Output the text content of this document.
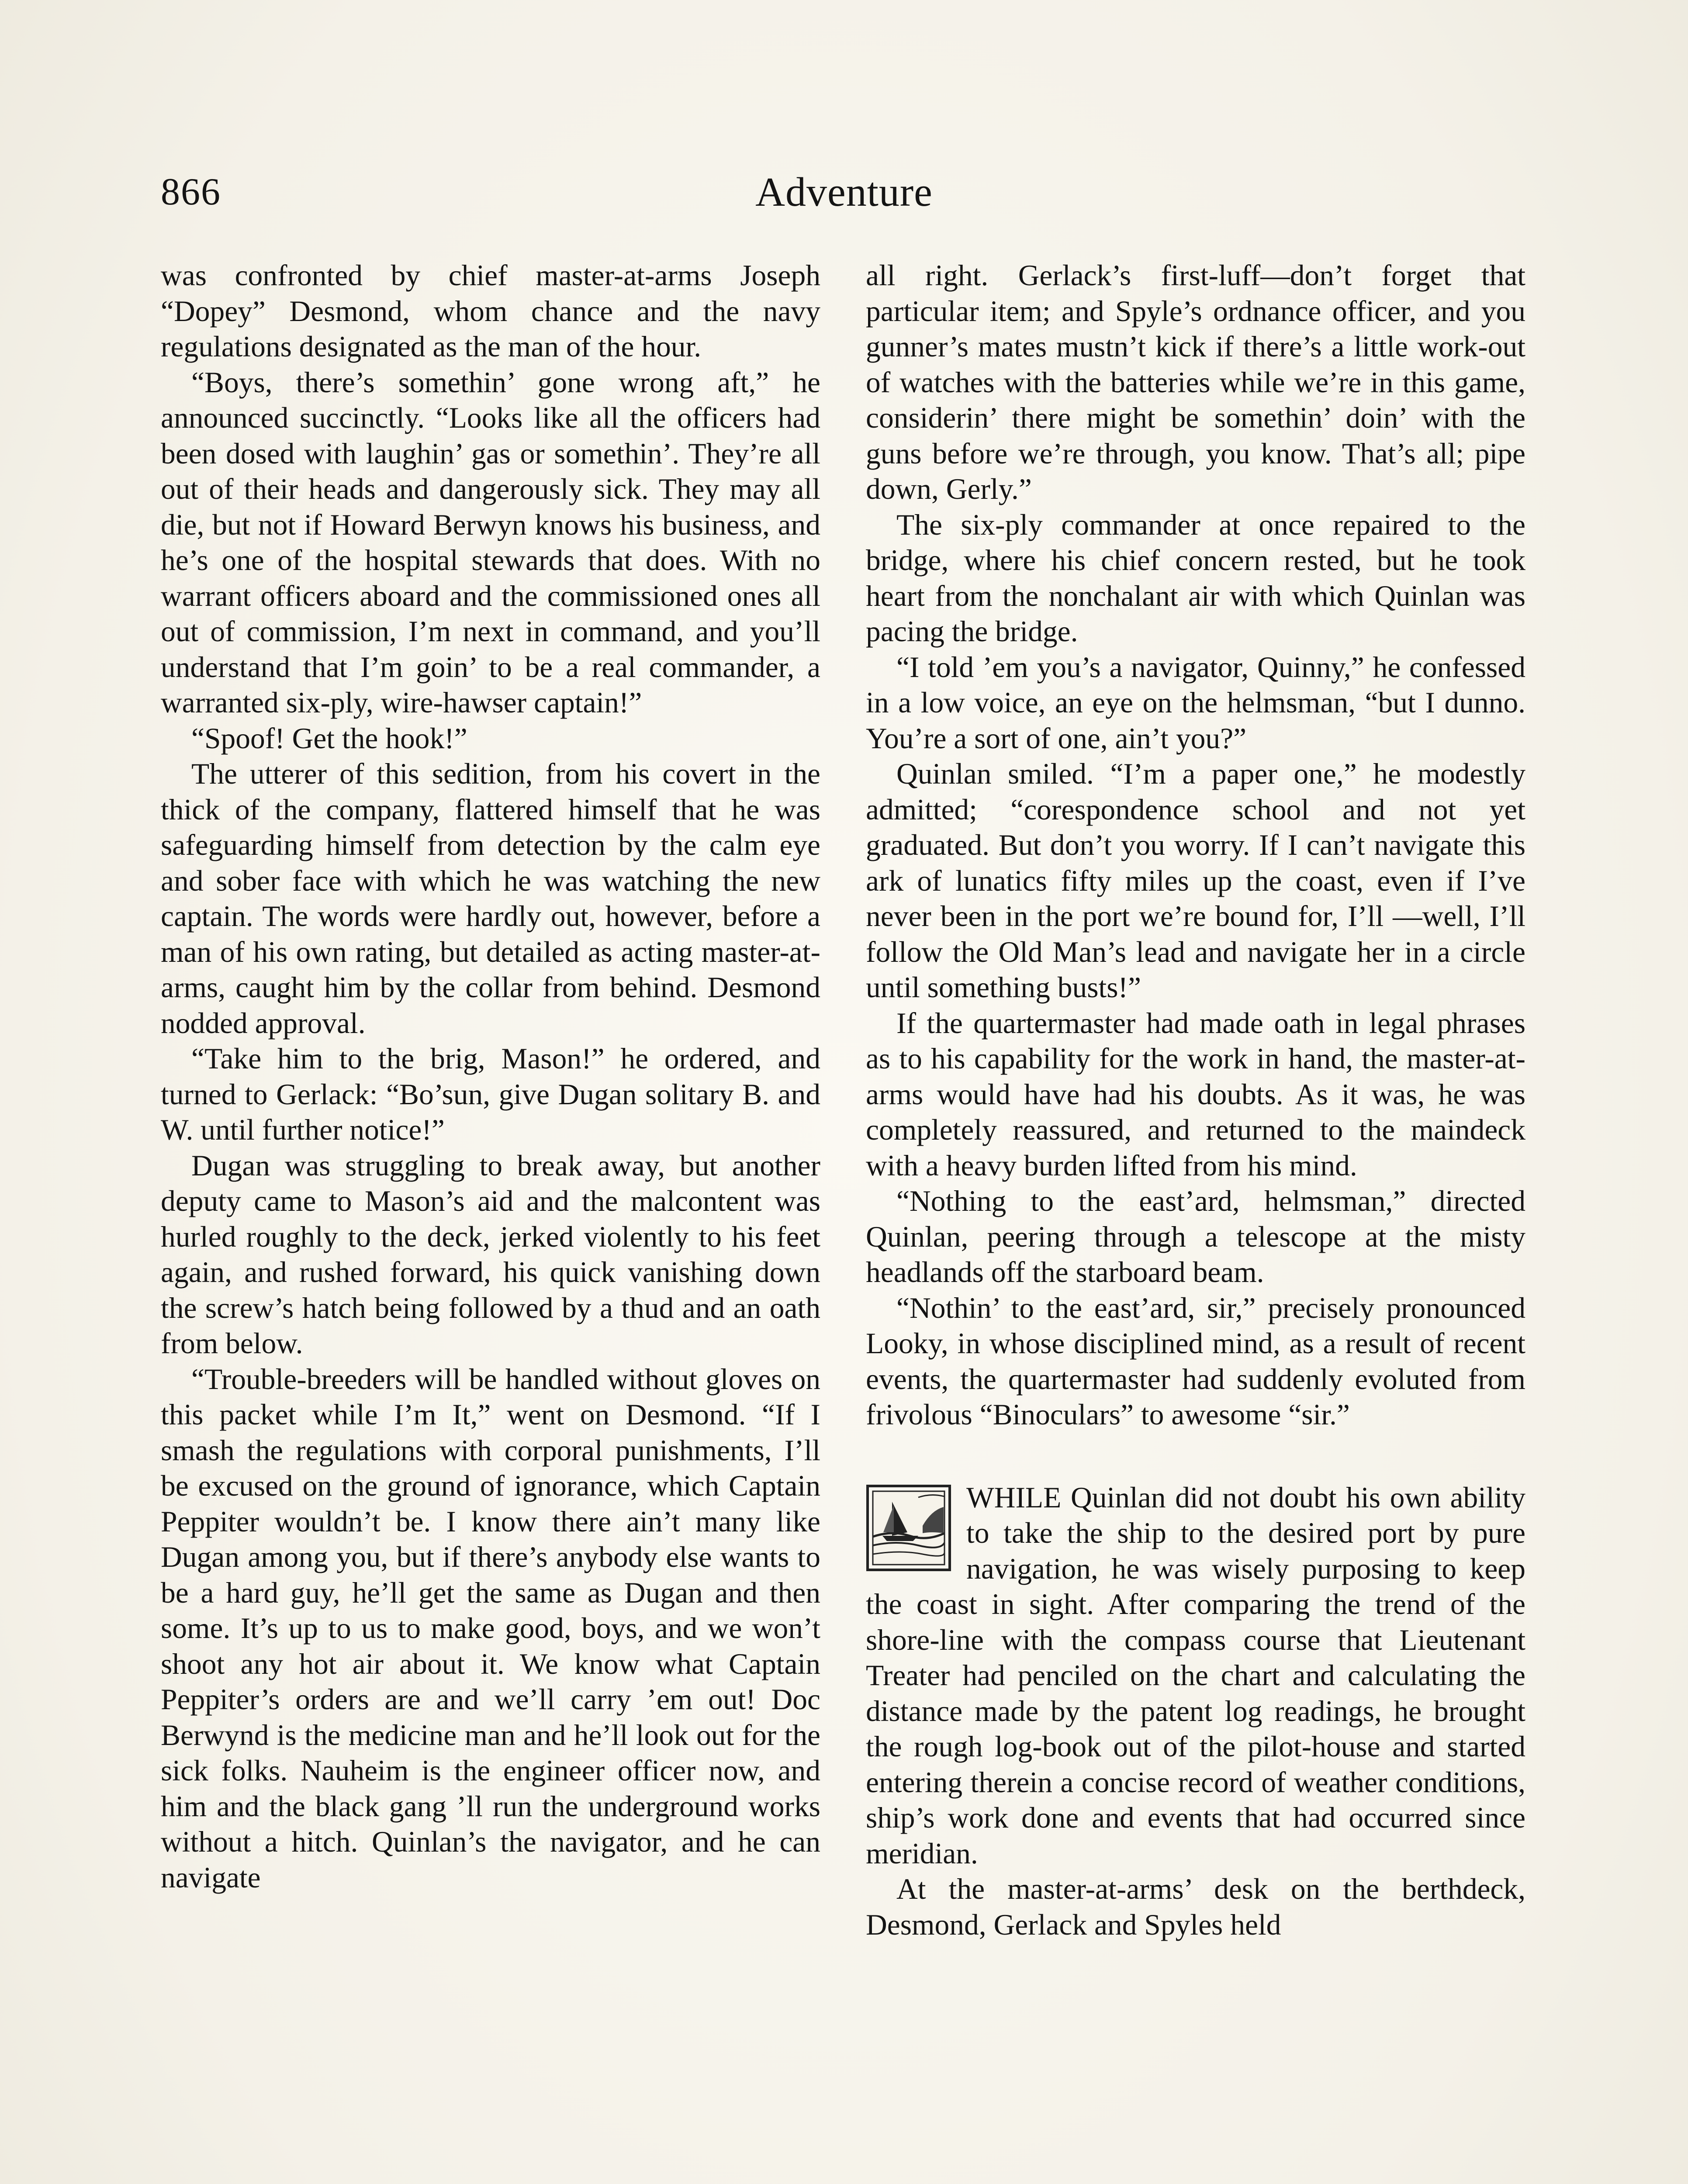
866	Adventure

was confronted by chief master-at-arms Joseph “Dopey” Desmond, whom chance and the navy regulations designated as the man of the hour.

“Boys, there’s somethin’ gone wrong aft,” he announced succinctly. “Looks like all the officers had been dosed with laughin’ gas or somethin’. They’re all out of their heads and dangerously sick. They may all die, but not if Howard Berwyn knows his business, and he’s one of the hospital stewards that does. With no warrant officers aboard and the commissioned ones all out of commission, I’m next in command, and you’ll understand that I’m goin’ to be a real commander, a warranted six-ply, wire-hawser captain!”

“Spoof! Get the hook!”

The utterer of this sedition, from his covert in the thick of the company, flattered himself that he was safeguarding himself from detection by the calm eye and sober face with which he was watching the new captain. The words were hardly out, however, before a man of his own rating, but detailed as acting master-at-arms, caught him by the collar from behind. Desmond nodded approval.

“Take him to the brig, Mason!” he ordered, and turned to Gerlack: “Bo’sun, give Dugan solitary B. and W. until further notice!”

Dugan was struggling to break away, but another deputy came to Mason’s aid and the malcontent was hurled roughly to the deck, jerked violently to his feet again, and rushed forward, his quick vanishing down the screw’s hatch being followed by a thud and an oath from below.

“Trouble-breeders will be handled without gloves on this packet while I’m It,” went on Desmond. “If I smash the regulations with corporal punishments, I’ll be excused on the ground of ignorance, which Captain Peppiter wouldn’t be. I know there ain’t many like Dugan among you, but if there’s anybody else wants to be a hard guy, he’ll get the same as Dugan and then some. It’s up to us to make good, boys, and we won’t shoot any hot air about it. We know what Captain Peppiter’s orders are and we’ll carry ’em out! Doc Berwynd is the medicine man and he’ll look out for the sick folks. Nauheim is the engineer officer now, and him and the black gang ’ll run the underground works without a hitch. Quinlan’s the navigator, and he can navigate

all right. Gerlack’s first-luff—don’t forget that particular item; and Spyle’s ordnance officer, and you gunner’s mates mustn’t kick if there’s a little work-out of watches with the batteries while we’re in this game, considerin’ there might be somethin’ doin’ with the guns before we’re through, you know. That’s all; pipe down, Gerly.”

The six-ply commander at once repaired to the bridge, where his chief concern rested, but he took heart from the nonchalant air with which Quinlan was pacing the bridge.

“I told ’em you’s a navigator, Quinny,” he confessed in a low voice, an eye on the helmsman, “but I dunno. You’re a sort of one, ain’t you?”

Quinlan smiled. “I’m a paper one,” he modestly admitted; “corespondence school and not yet graduated. But don’t you worry. If I can’t navigate this ark of lunatics fifty miles up the coast, even if I’ve never been in the port we’re bound for, I’ll —well, I’ll follow the Old Man’s lead and navigate her in a circle until something busts!”

If the quartermaster had made oath in legal phrases as to his capability for the work in hand, the master-at-arms would have had his doubts. As it was, he was completely reassured, and returned to the maindeck with a heavy burden lifted from his mind.

“Nothing to the east’ard, helmsman,” directed Quinlan, peering through a telescope at the misty headlands off the starboard beam.

“Nothin’ to the east’ard, sir,” precisely pronounced Looky, in whose disciplined mind, as a result of recent events, the quartermaster had suddenly evoluted from frivolous “Binoculars” to awesome “sir.”

WHILE Quinlan did not doubt his own ability to take the ship to the desired port by pure navigation, he was wisely purposing to keep the coast in sight. After comparing the trend of the shore-line with the compass course that Lieutenant Treater had penciled on the chart and calculating the distance made by the patent log readings, he brought the rough log-book out of the pilot-house and started entering therein a concise record of weather conditions, ship’s work done and events that had occurred since meridian.

At the master-at-arms’ desk on the berthdeck, Desmond, Gerlack and Spyles held
